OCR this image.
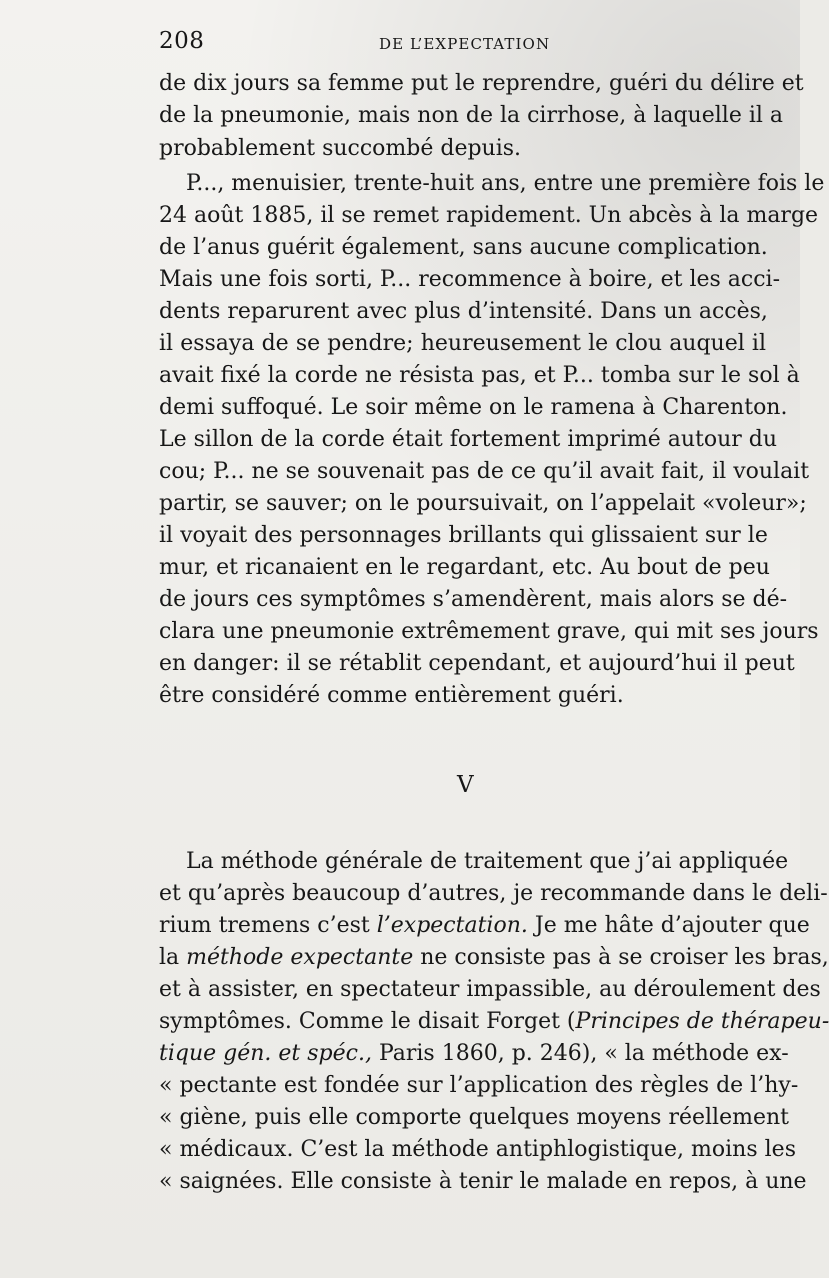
208	DE L’EXPECTATION
de dix jours sa femme put le reprendre, guéri du délire et
de la pneumonie, mais non de la cirrhose, à laquelle il a
probablement succombé depuis.
P..., menuisier, trente-huit ans, entre une première fois le
24 août 1885, il se remet rapidement. Un abcès à la marge
de l’anus guérit également, sans aucune complication.
Mais une fois sorti, P... recommence à boire, et les acci-
dents reparurent avec plus d’intensité. Dans un accès,
il essaya de se pendre; heureusement le clou auquel il
avait fixé la corde ne résista pas, et P... tomba sur le sol à
demi suffoqué. Le soir même on le ramena à Charenton.
Le sillon de la corde était fortement imprimé autour du
cou; P... ne se souvenait pas de ce qu’il avait fait, il voulait
partir, se sauver; on le poursuivait, on l’appelait «voleur»;
il voyait des personnages brillants qui glissaient sur le
mur, et ricanaient en le regardant, etc. Au bout de peu
de jours ces symptômes s’amendèrent, mais alors se dé-
clara une pneumonie extrêmement grave, qui mit ses jours
en danger: il se rétablit cependant, et aujourd’hui il peut
être considéré comme entièrement guéri.
V
La méthode générale de traitement que j’ai appliquée
et qu’après beaucoup d’autres, je recommande dans le deli-
rium tremens c’est l’expectation. Je me hâte d’ajouter que
la méthode expectante ne consiste pas à se croiser les bras,
et à assister, en spectateur impassible, au déroulement des
symptômes. Comme le disait Forget (Principes de thérapeu-
tique gén. et spéc., Paris 1860, p. 246), « la méthode ex-
« pectante est fondée sur l’application des règles de l’hy-
« giène, puis elle comporte quelques moyens réellement
« médicaux. C’est la méthode antiphlogistique, moins les
« saignées. Elle consiste à tenir le malade en repos, à une
